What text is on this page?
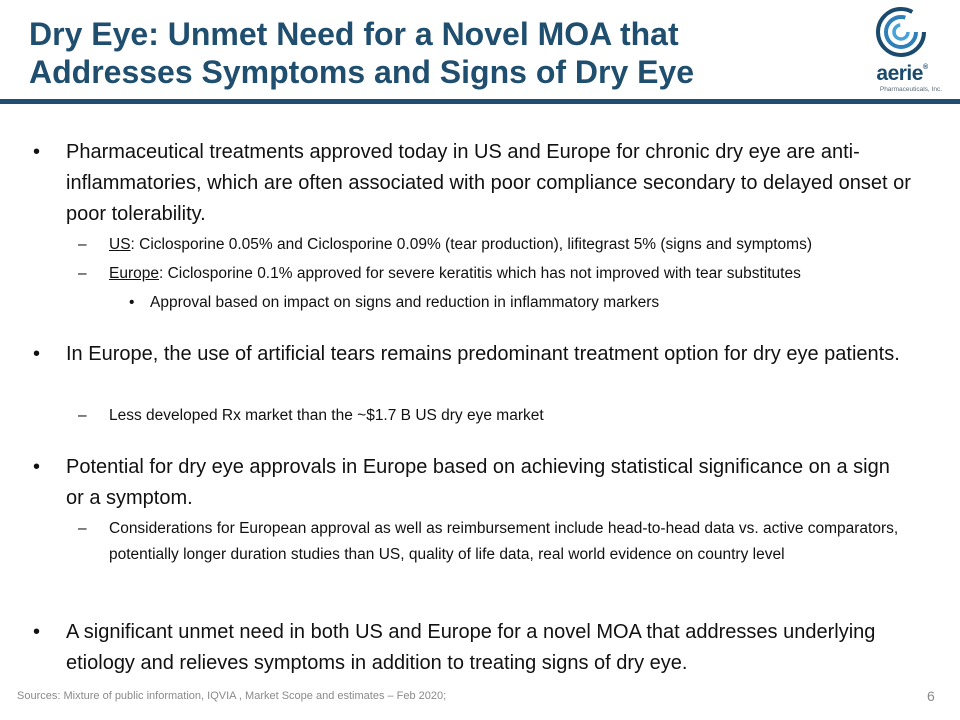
Dry Eye: Unmet Need for a Novel MOA that
Addresses Symptoms and Signs of Dry Eye	aerie®
Pharmaceuticals, Inc.
• Pharmaceutical treatments approved today in US and Europe for chronic dry eye are anti-inflammatories, which are often associated with poor compliance secondary to delayed onset or poor tolerability.
– US: Ciclosporine 0.05% and Ciclosporine 0.09% (tear production), lifitegrast 5% (signs and symptoms)
– Europe: Ciclosporine 0.1% approved for severe keratitis which has not improved with tear substitutes
• Approval based on impact on signs and reduction in inflammatory markers
• In Europe, the use of artificial tears remains predominant treatment option for dry eye patients.
– Less developed Rx market than the ~$1.7 B US dry eye market
• Potential for dry eye approvals in Europe based on achieving statistical significance on a sign or a symptom.
– Considerations for European approval as well as reimbursement include head-to-head data vs. active comparators, potentially longer duration studies than US, quality of life data, real world evidence on country level
• A significant unmet need in both US and Europe for a novel MOA that addresses underlying etiology and relieves symptoms in addition to treating signs of dry eye.
Sources: Mixture of public information, IQVIA , Market Scope and estimates – Feb 2020;	6
